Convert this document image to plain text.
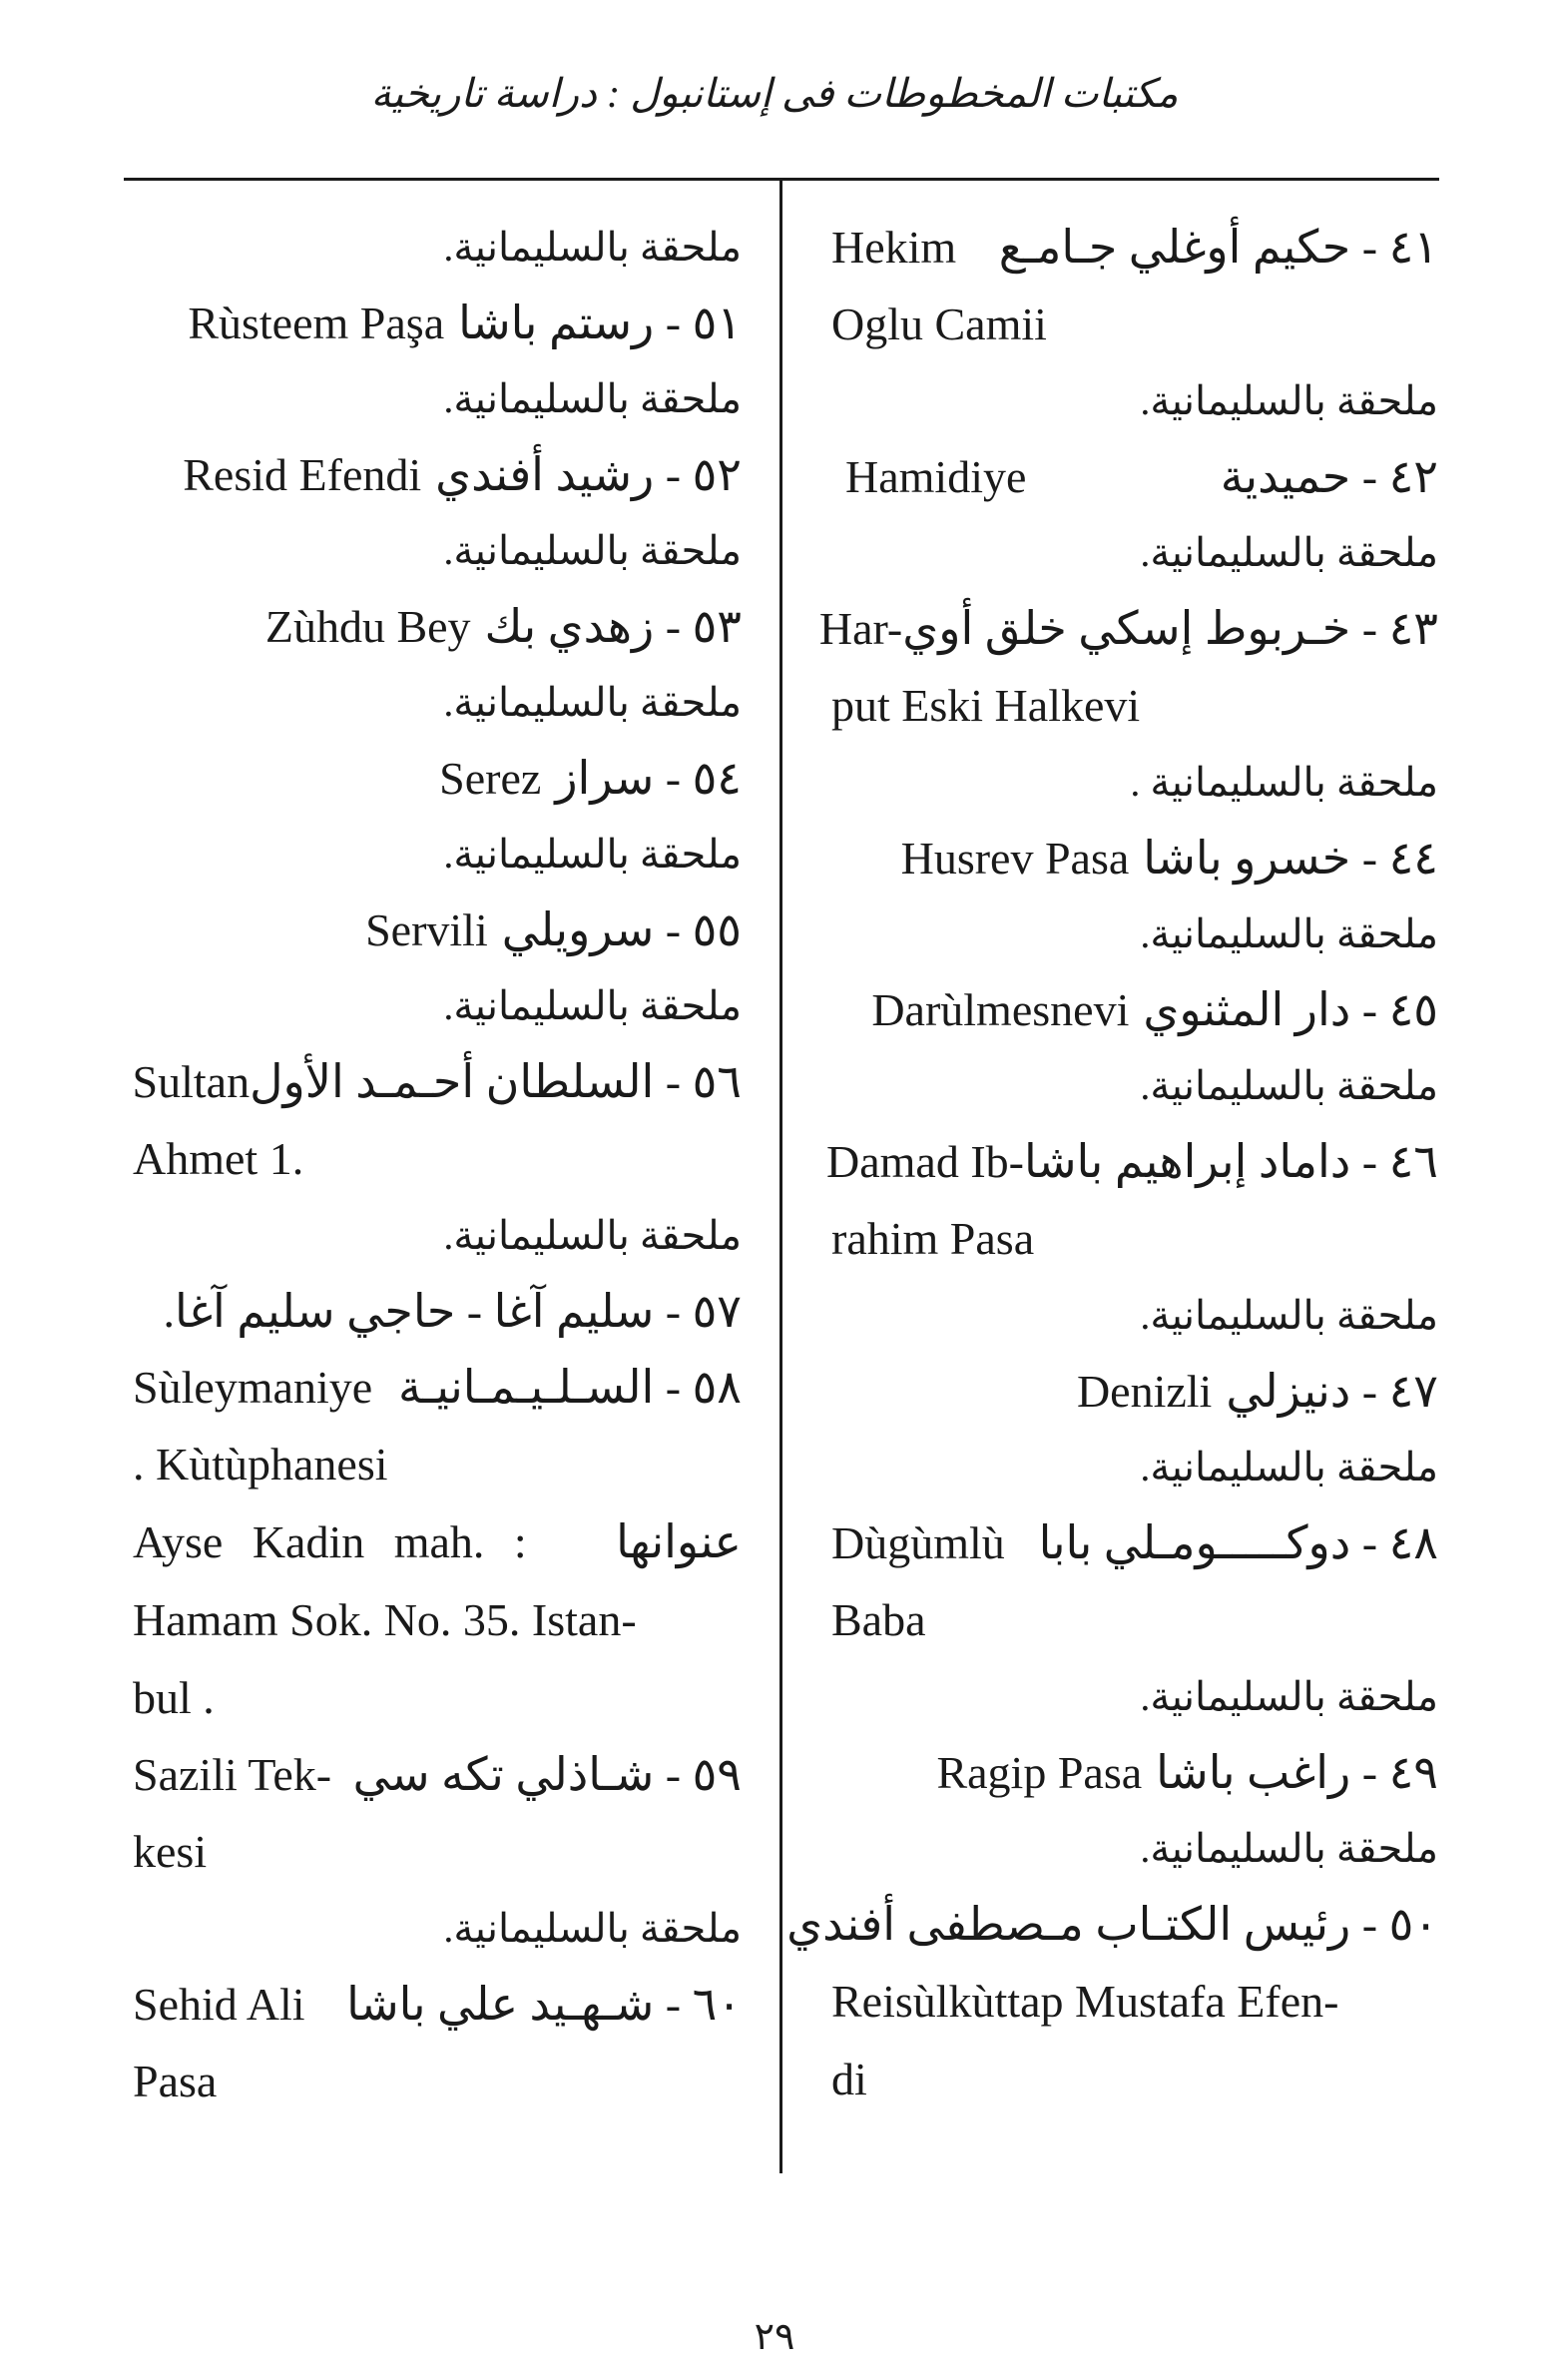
مكتبات المخطوطات فى إستانبول : دراسة تاريخية
٤١ - حكيم أوغلي جـامـع
Hekim
Oglu Camii
ملحقة بالسليمانية.
٤٢ - حميدية
Hamidiye
ملحقة بالسليمانية.
٤٣ - خـربوط إسكي خلق أوي
Har-
put Eski Halkevi
ملحقة بالسليمانية .
٤٤ - خسرو باشا
Husrev Pasa
ملحقة بالسليمانية.
٤٥ - دار المثنوي
Darùlmesnevi
ملحقة بالسليمانية.
٤٦ - داماد إبراهيم باشا
Damad Ib-
rahim Pasa
ملحقة بالسليمانية.
٤٧ - دنيزلي
Denizli
ملحقة بالسليمانية.
٤٨ - دوكـــــومـلي بابا
Dùgùmlù
Baba
ملحقة بالسليمانية.
٤٩ - راغب باشا
Ragip Pasa
ملحقة بالسليمانية.
٥٠ - رئيس الكتـاب مـصطفى أفندي
Reisùlkùttap Mustafa Efen-
di
ملحقة بالسليمانية.
٥١ - رستم باشا
Rùsteem Paşa
ملحقة بالسليمانية.
٥٢ - رشيد أفندي
Resid Efendi
ملحقة بالسليمانية.
٥٣ - زهدي بك
Zùhdu Bey
ملحقة بالسليمانية.
٥٤ - سراز
Serez
ملحقة بالسليمانية.
٥٥ - سرويلي
Servili
ملحقة بالسليمانية.
٥٦ - السلطان أحـمـد الأول
Sultan
Ahmet 1.
ملحقة بالسليمانية.
٥٧ - سليم آغا - حاجي سليم آغا.
٥٨ - السـلـيـمـانيـة
Sùleymaniye
. Kùtùphanesi
Ayse Kadin mah. : عنوانها
Hamam Sok. No. 35. Istan-
bul .
٥٩ - شـاذلي تكه سي
Sazili Tek-
kesi
ملحقة بالسليمانية.
٦٠ - شـهـيد علي باشا
Sehid Ali
Pasa
٢٩
